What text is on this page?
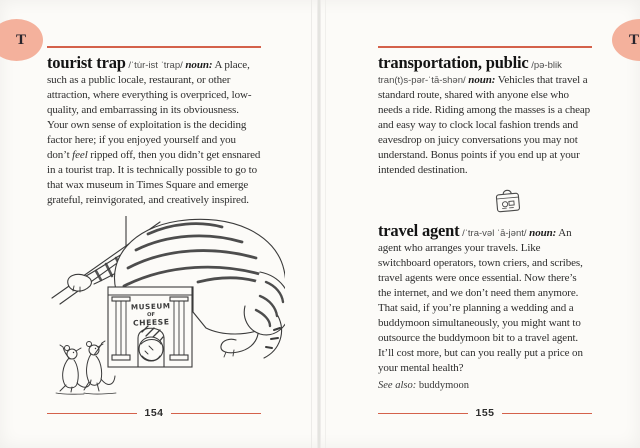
T	T

tourist trap /ˈtu̇r-ist ˈtrap/ noun: A place, such as a public locale, restaurant, or other attraction, where everything is overpriced, low-quality, and embarrassing in its obviousness. Your own sense of exploitation is the deciding factor here; if you enjoyed yourself and you don’t feel ripped off, then you didn’t get ensnared in a tourist trap. It is technically possible to go to that wax museum in Times Square and emerge grateful, reinvigorated, and creatively inspired.

MUSEUM
OF
CHEESE

transportation, public /pə-blik tran(t)s-pər-ˈtā-shən/ noun: Vehicles that travel a standard route, shared with anyone else who needs a ride. Riding among the masses is a cheap and easy way to clock local fashion trends and eavesdrop on juicy conversations you may not understand. Bonus points if you end up at your intended destination.

travel agent /ˈtra-vəl ˈā-jənt/ noun: An agent who arranges your travels. Like switchboard operators, town criers, and scribes, travel agents were once essential. Now there’s the internet, and we don’t need them anymore. That said, if you’re planning a wedding and a buddymoon simultaneously, you might want to outsource the buddymoon bit to a travel agent. It’ll cost more, but can you really put a price on your mental health?

See also: buddymoon

154	155
